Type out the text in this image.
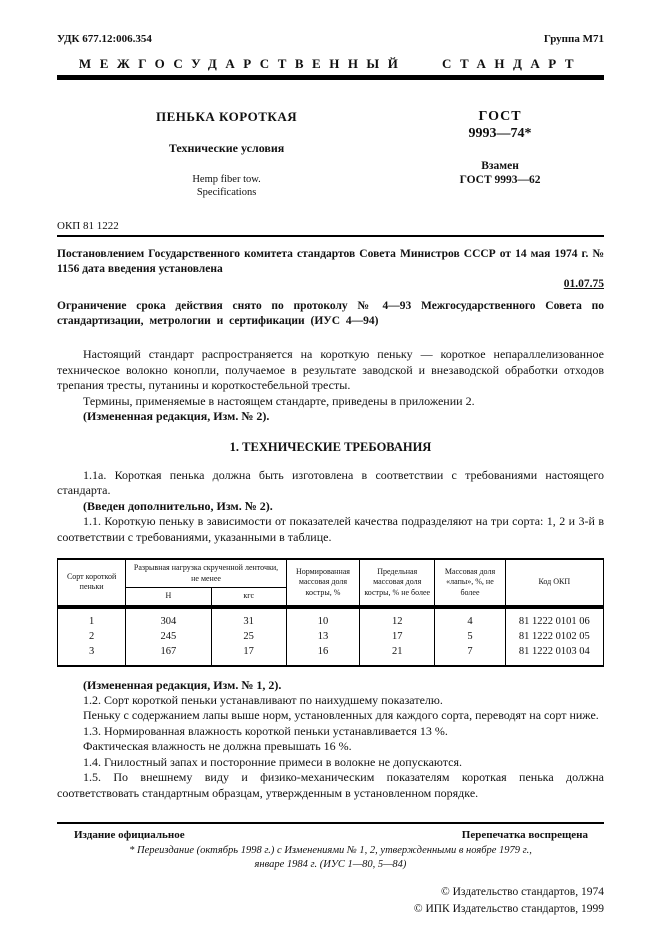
УДК 677.12:006.354	Группа М71
МЕЖГОСУДАРСТВЕННЫЙ СТАНДАРТ
ПЕНЬКА КОРОТКАЯ
Технические условия
Hemp fiber tow.
Specifications
ГОСТ
9993—74*
Взамен
ГОСТ 9993—62
ОКП 81 1222
Постановлением Государственного комитета стандартов Совета Министров СССР от 14 мая 1974 г. № 1156 дата введения установлена
01.07.75
Ограничение срока действия снято по протоколу № 4—93 Межгосударственного Совета по стандартизации, метрологии и сертификации (ИУС 4—94)

Настоящий стандарт распространяется на короткую пеньку — короткое непараллелизованное техническое волокно конопли, получаемое в результате заводской и внезаводской обработки отходов трепания тресты, путанины и короткостебельной тресты.

Термины, применяемые в настоящем стандарте, приведены в приложении 2.

(Измененная редакция, Изм. № 2).

1. ТЕХНИЧЕСКИЕ ТРЕБОВАНИЯ

1.1а. Короткая пенька должна быть изготовлена в соответствии с требованиями настоящего стандарта.

(Введен дополнительно, Изм. № 2).

1.1. Короткую пеньку в зависимости от показателей качества подразделяют на три сорта: 1, 2 и 3-й в соответствии с требованиями, указанными в таблице.

Сорт короткой пеньки	Разрывная нагрузка скрученной ленточки, не менее		Нормированная массовая доля костры, %	Предельная массовая доля костры, % не более	Массовая доля «лапы», %, не более	Код ОКП
	Н	кгс				
1	304	31	10	12	4	81 1222 0101 06
2	245	25	13	17	5	81 1222 0102 05
3	167	17	16	21	7	81 1222 0103 04

(Измененная редакция, Изм. № 1, 2).

1.2. Сорт короткой пеньки устанавливают по наихудшему показателю.

Пеньку с содержанием лапы выше норм, установленных для каждого сорта, переводят на сорт ниже.

1.3. Нормированная влажность короткой пеньки устанавливается 13 %.

Фактическая влажность не должна превышать 16 %.

1.4. Гнилостный запах и посторонние примеси в волокне не допускаются.

1.5. По внешнему виду и физико-механическим показателям короткая пенька должна соответствовать стандартным образцам, утвержденным в установленном порядке.

Издание официальное	Перепечатка воспрещена
* Переиздание (октябрь 1998 г.) с Изменениями № 1, 2, утвержденными в ноябре 1979 г.,
январе 1984 г. (ИУС 1—80, 5—84)
© Издательство стандартов, 1974
© ИПК Издательство стандартов, 1999
